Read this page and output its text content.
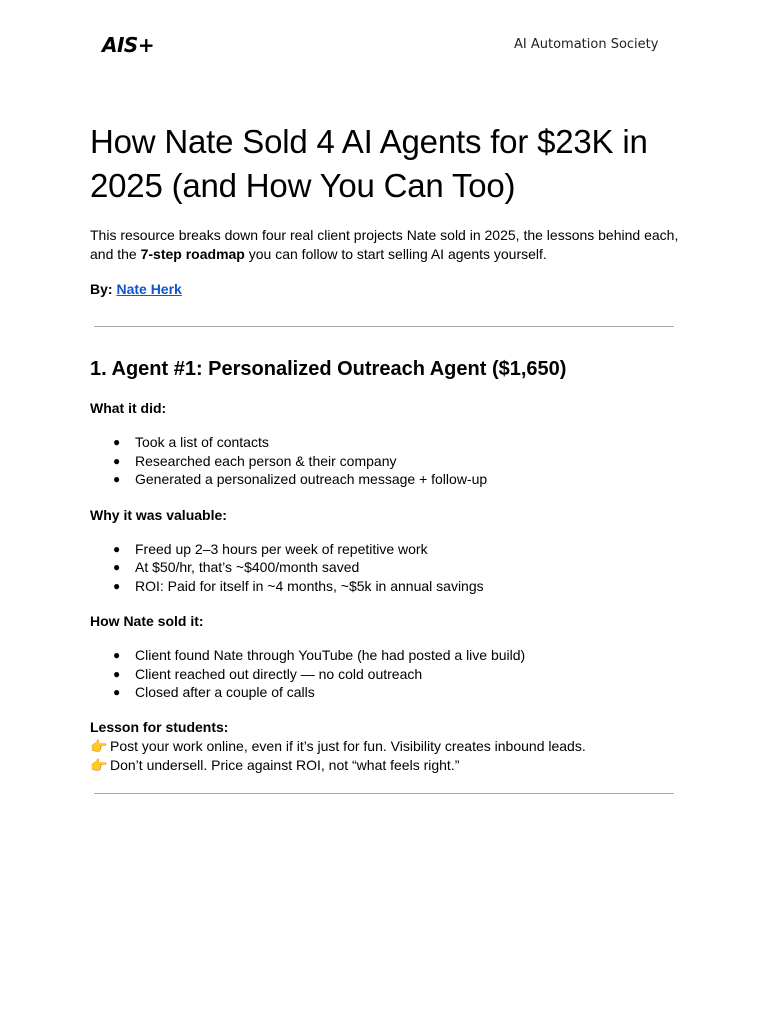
AIS+	AI Automation Society
How Nate Sold 4 AI Agents for $23K in 2025 (and How You Can Too)

This resource breaks down four real client projects Nate sold in 2025, the lessons behind each, and the 7-step roadmap you can follow to start selling AI agents yourself.

By: Nate Herk

1. Agent #1: Personalized Outreach Agent ($1,650)

What it did:

● Took a list of contacts
● Researched each person & their company
● Generated a personalized outreach message + follow-up

Why it was valuable:

● Freed up 2–3 hours per week of repetitive work
● At $50/hr, that’s ~$400/month saved
● ROI: Paid for itself in ~4 months, ~$5k in annual savings

How Nate sold it:

● Client found Nate through YouTube (he had posted a live build)
● Client reached out directly — no cold outreach
● Closed after a couple of calls

Lesson for students:

👉 Post your work online, even if it’s just for fun. Visibility creates inbound leads.

👉 Don’t undersell. Price against ROI, not “what feels right.”
